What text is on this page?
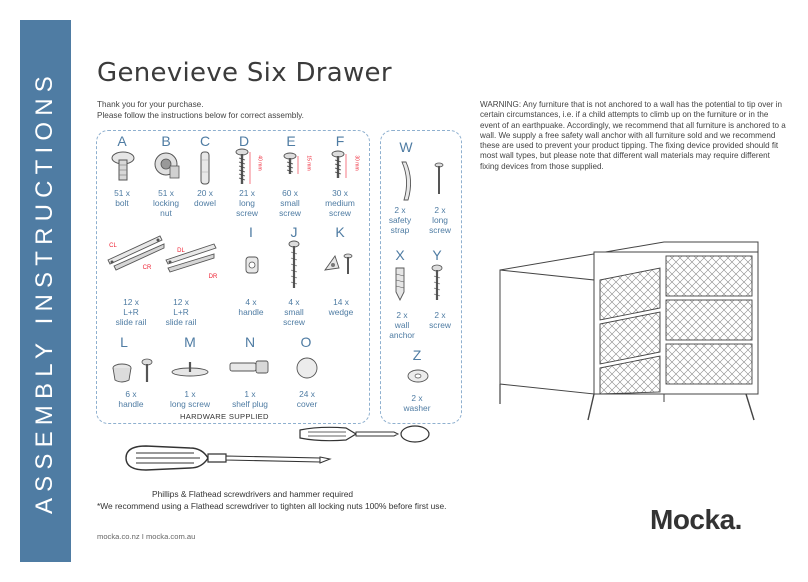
ASSEMBLY INSTRUCTIONS Genevieve Six Drawer
Thank you for your purchase.
Please follow the instructions below for correct assembly.
WARNING: Any furniture that is not anchored to a wall has the potential to tip over in certain circumstances, i.e. if a child attempts to climb up on the furniture or in the event of an earthpuake. Accordingly, we recommend that all furniture is anchored to a wall. We supply a free safety wall anchor with all furniture sold and we recommend these are used to prevent your product tipping. The fixing device provided should fit most wall types, but please note that different wall materials may require different fixing devices from those supplied.
HARDWARE SUPPLIED
A B C D	E	F
40 mm	15 mm	30 mm
51 x
bolt
51 x
locking
nut
20 x
dowel
21 x
long
screw
60 x
small
screw
30 x
medium
screw
I	J	K
CL
CR
DL
DR
12 x
L+R
slide rail
12 x
L+R
slide rail
4 x
handle
4 x
small
screw
14 x
wedge
L	M	N	O
6 x
handle
1 x
long screw
1 x
shelf plug
24 x
cover
W
2 x
safety
strap
2 x
long
screw
X Y
2 x
wall
anchor
2 x
screw
Z
2 x
washer
Phillips & Flathead screwdrivers and hammer required
*We recommend using a Flathead screwdriver to tighten all locking nuts 100% before first use.
mocka.co.nz I mocka.com.au
Mocka.
